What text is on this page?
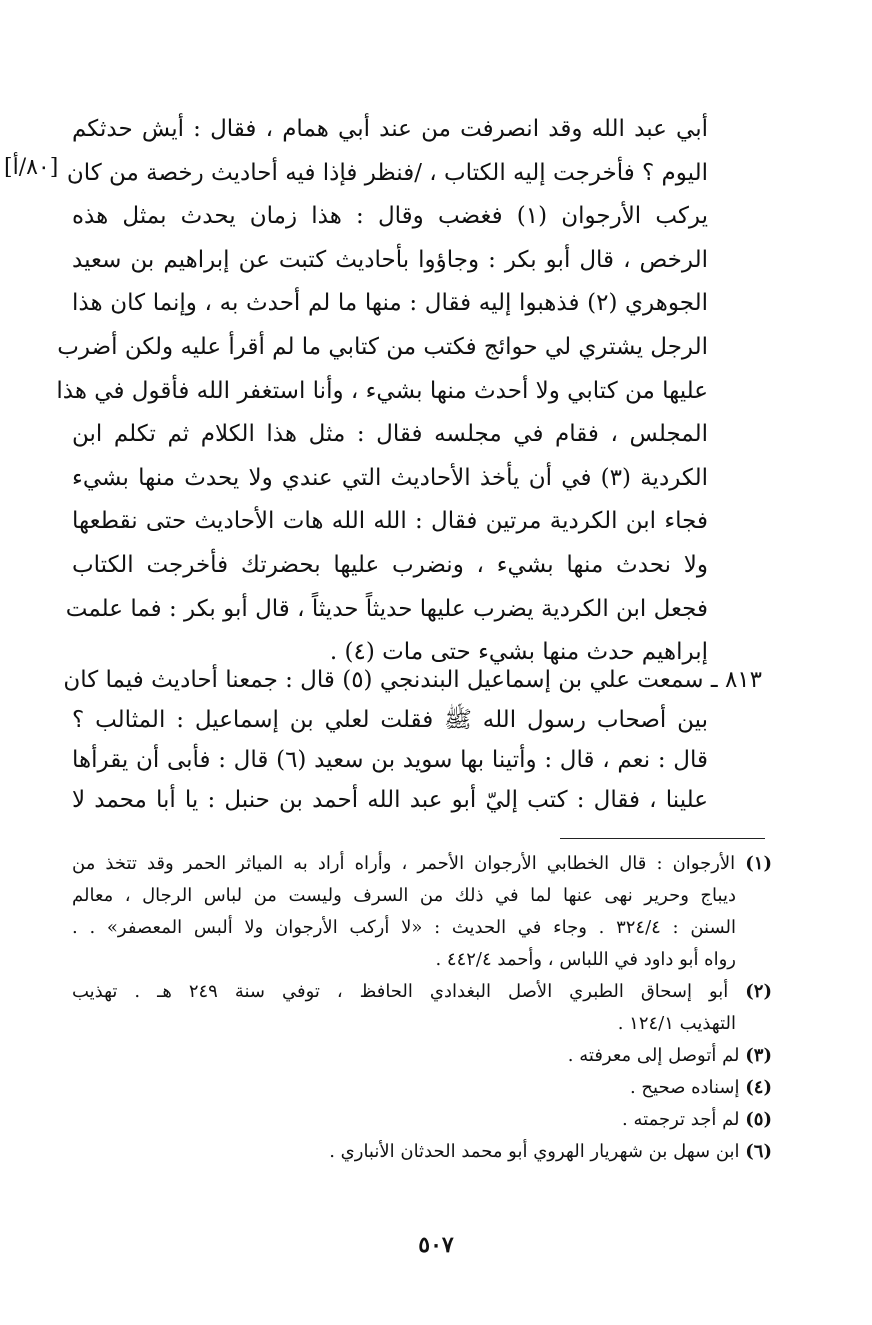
[٨٠/أ]
أبي عبد الله وقد انصرفت من عند أبي همام ، فقال : أيش حدثكم
اليوم ؟ فأخرجت إليه الكتاب ، /فنظر فإذا فيه أحاديث رخصة من كان
يركب الأرجوان (١) فغضب وقال : هذا زمان يحدث بمثل هذه
الرخص ، قال أبو بكر : وجاؤوا بأحاديث كتبت عن إبراهيم بن سعيد
الجوهري (٢) فذهبوا إليه فقال : منها ما لم أحدث به ، وإنما كان هذا
الرجل يشتري لي حوائج فكتب من كتابي ما لم أقرأ عليه ولكن أضرب
عليها من كتابي ولا أحدث منها بشيء ، وأنا استغفر الله فأقول في هذا
المجلس ، فقام في مجلسه فقال : مثل هذا الكلام ثم تكلم ابن
الكردية (٣) في أن يأخذ الأحاديث التي عندي ولا يحدث منها بشيء
فجاء ابن الكردية مرتين فقال : الله الله هات الأحاديث حتى نقطعها
ولا نحدث منها بشيء ، ونضرب عليها بحضرتك فأخرجت الكتاب
فجعل ابن الكردية يضرب عليها حديثاً حديثاً ، قال أبو بكر : فما علمت
إبراهيم حدث منها بشيء حتى مات (٤) .
٨١٣ ـ سمعت علي بن إسماعيل البندنجي (٥) قال : جمعنا أحاديث فيما كان
بين أصحاب رسول الله ﷺ فقلت لعلي بن إسماعيل : المثالب ؟
قال : نعم ، قال : وأتينا بها سويد بن سعيد (٦) قال : فأبى أن يقرأها
علينا ، فقال : كتب إليّ أبو عبد الله أحمد بن حنبل : يا أبا محمد لا
(١) الأرجوان : قال الخطابي الأرجوان الأحمر ، وأراه أراد به المياثر الحمر وقد تتخذ من
ديباج وحرير نهى عنها لما في ذلك من السرف وليست من لباس الرجال ، معالم
السنن : ٣٢٤/٤ . وجاء في الحديث : «لا أركب الأرجوان ولا ألبس المعصفر» . .
رواه أبو داود في اللباس ، وأحمد ٤٤٢/٤ .
(٢) أبو إسحاق الطبري الأصل البغدادي الحافظ ، توفي سنة ٢٤٩ هـ . تهذيب
التهذيب ١٢٤/١ .
(٣) لم أتوصل إلى معرفته .
(٤) إسناده صحيح .
(٥) لم أجد ترجمته .
(٦) ابن سهل بن شهريار الهروي أبو محمد الحدثان الأنباري .
٥٠٧
